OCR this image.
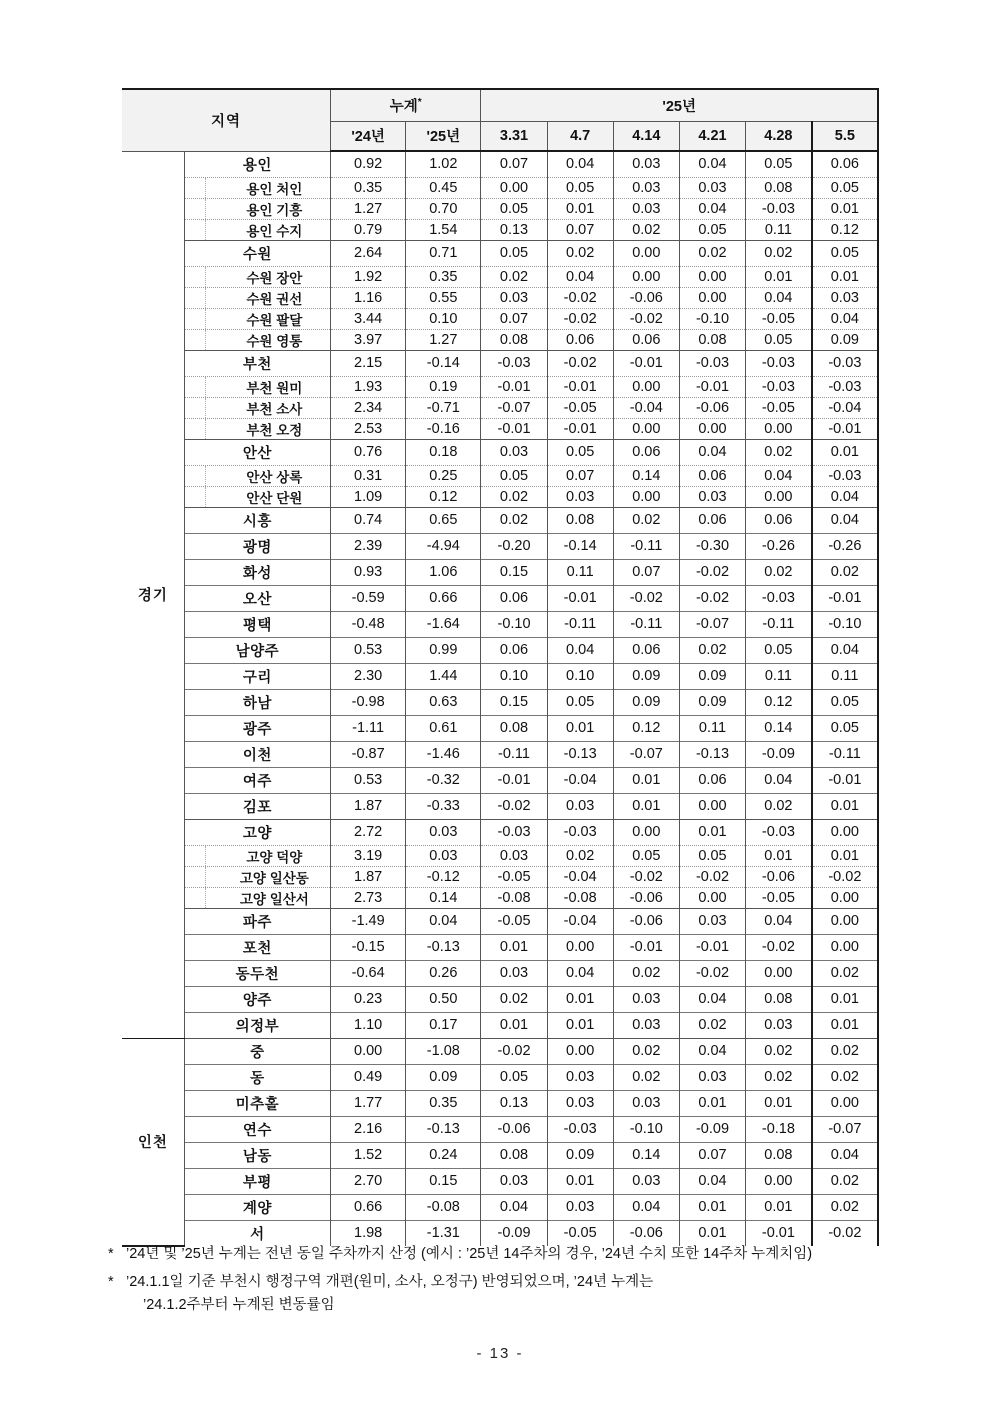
지역		누계*		'25년					
		'24년	'25년	3.31	4.7	4.14	4.21	4.28	5.5
경기	용인	0.92	1.02	0.07	0.04	0.03	0.04	0.05	0.06
	용인 처인	0.35	0.45	0.00	0.05	0.03	0.03	0.08	0.05
	용인 기흥	1.27	0.70	0.05	0.01	0.03	0.04	-0.03	0.01
	용인 수지	0.79	1.54	0.13	0.07	0.02	0.05	0.11	0.12
	수원	2.64	0.71	0.05	0.02	0.00	0.02	0.02	0.05
	수원 장안	1.92	0.35	0.02	0.04	0.00	0.00	0.01	0.01
	수원 권선	1.16	0.55	0.03	-0.02	-0.06	0.00	0.04	0.03
	수원 팔달	3.44	0.10	0.07	-0.02	-0.02	-0.10	-0.05	0.04
	수원 영통	3.97	1.27	0.08	0.06	0.06	0.08	0.05	0.09
	부천	2.15	-0.14	-0.03	-0.02	-0.01	-0.03	-0.03	-0.03
	부천 원미	1.93	0.19	-0.01	-0.01	0.00	-0.01	-0.03	-0.03
	부천 소사	2.34	-0.71	-0.07	-0.05	-0.04	-0.06	-0.05	-0.04
	부천 오정	2.53	-0.16	-0.01	-0.01	0.00	0.00	0.00	-0.01
	안산	0.76	0.18	0.03	0.05	0.06	0.04	0.02	0.01
	안산 상록	0.31	0.25	0.05	0.07	0.14	0.06	0.04	-0.03
	안산 단원	1.09	0.12	0.02	0.03	0.00	0.03	0.00	0.04
	시흥	0.74	0.65	0.02	0.08	0.02	0.06	0.06	0.04
	광명	2.39	-4.94	-0.20	-0.14	-0.11	-0.30	-0.26	-0.26
	화성	0.93	1.06	0.15	0.11	0.07	-0.02	0.02	0.02
	오산	-0.59	0.66	0.06	-0.01	-0.02	-0.02	-0.03	-0.01
	평택	-0.48	-1.64	-0.10	-0.11	-0.11	-0.07	-0.11	-0.10
	남양주	0.53	0.99	0.06	0.04	0.06	0.02	0.05	0.04
	구리	2.30	1.44	0.10	0.10	0.09	0.09	0.11	0.11
	하남	-0.98	0.63	0.15	0.05	0.09	0.09	0.12	0.05
	광주	-1.11	0.61	0.08	0.01	0.12	0.11	0.14	0.05
	이천	-0.87	-1.46	-0.11	-0.13	-0.07	-0.13	-0.09	-0.11
	여주	0.53	-0.32	-0.01	-0.04	0.01	0.06	0.04	-0.01
	김포	1.87	-0.33	-0.02	0.03	0.01	0.00	0.02	0.01
	고양	2.72	0.03	-0.03	-0.03	0.00	0.01	-0.03	0.00
	고양 덕양	3.19	0.03	0.03	0.02	0.05	0.05	0.01	0.01
	고양 일산동	1.87	-0.12	-0.05	-0.04	-0.02	-0.02	-0.06	-0.02
	고양 일산서	2.73	0.14	-0.08	-0.08	-0.06	0.00	-0.05	0.00
	파주	-1.49	0.04	-0.05	-0.04	-0.06	0.03	0.04	0.00
	포천	-0.15	-0.13	0.01	0.00	-0.01	-0.01	-0.02	0.00
	동두천	-0.64	0.26	0.03	0.04	0.02	-0.02	0.00	0.02
	양주	0.23	0.50	0.02	0.01	0.03	0.04	0.08	0.01
	의정부	1.10	0.17	0.01	0.01	0.03	0.02	0.03	0.01
인천	중	0.00	-1.08	-0.02	0.00	0.02	0.04	0.02	0.02
	동	0.49	0.09	0.05	0.03	0.02	0.03	0.02	0.02
	미추홀	1.77	0.35	0.13	0.03	0.03	0.01	0.01	0.00
	연수	2.16	-0.13	-0.06	-0.03	-0.10	-0.09	-0.18	-0.07
	남동	1.52	0.24	0.08	0.09	0.14	0.07	0.08	0.04
	부평	2.70	0.15	0.03	0.01	0.03	0.04	0.00	0.02
	계양	0.66	-0.08	0.04	0.03	0.04	0.01	0.01	0.02
	서	1.98	-1.31	-0.09	-0.05	-0.06	0.01	-0.01	-0.02
* ’24년 및 ’25년 누계는 전년 동일 주차까지 산정 (예시 : ’25년 14주차의 경우, ’24년 수치 또한 14주차 누계치임)
* ’24.1.1일 기준 부천시 행정구역 개편(원미, 소사, 오정구) 반영되었으며, ’24년 누계는
’24.1.2주부터 누계된 변동률임
- 13 -
